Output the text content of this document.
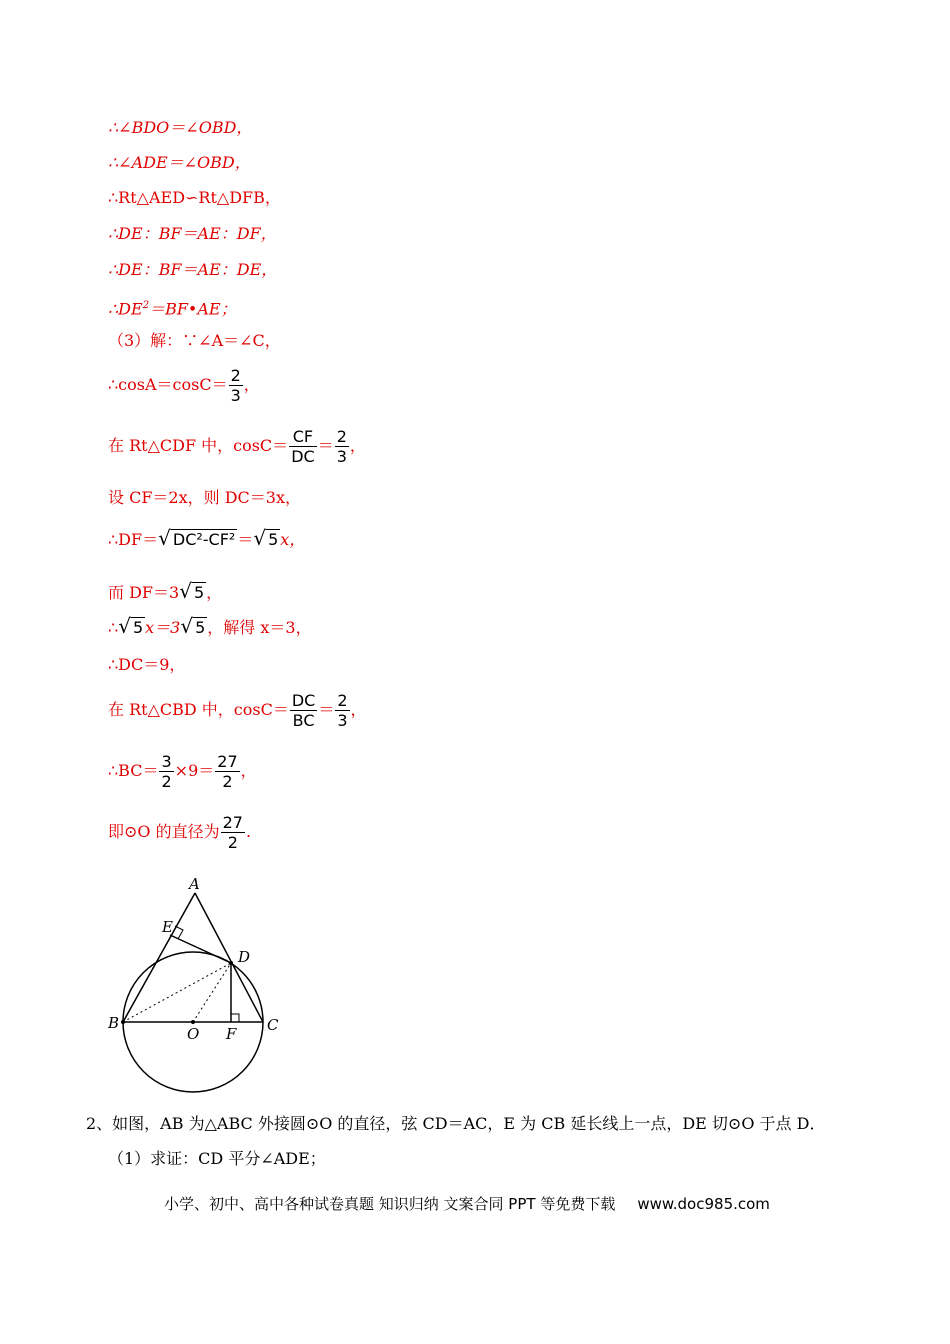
∴∠BDO＝∠OBD，
∴∠ADE＝∠OBD，
∴Rt△AED∽Rt△DFB，
∴DE：BF＝AE：DF，
∴DE：BF＝AE：DE，
$\therefore DE^2=BF•AE$；
（3）解：∵∠A＝∠C，
∴cosA＝cosC＝ $\frac{2}{3}$ ，
在 Rt△CDF 中，$\cos C= \frac{CF}{DC} = \frac{2}{3}$ ，
设 CF＝2x，则 DC＝3x，
∴DF＝√ DC²-CF² ＝√ 5 x，
而 DF＝3√ 5 ，
∴√ 5 x＝3√ 5 ，解得 x＝3，
∴DC＝9，
在 Rt△CBD 中，$\cos C= \frac{DC}{BC} = \frac{2}{3}$ ，
∴BC＝ $\frac{3}{2} \times 9= \frac{27}{2}$ ，
即⊙O 的直径为 $\frac{27}{2}$ .
A
E
D
B
O F C
2、如图，AB 为△ABC 外接圆⊙O 的直径，弦 CD＝AC，E 为 CB 延长线上一点，DE 切⊙O 于点 D．
（1）求证：CD 平分∠ADE；
小学、初中、高中各种试卷真题 知识归纳 文案合同 PPT 等免费下载 www.doc985.com
